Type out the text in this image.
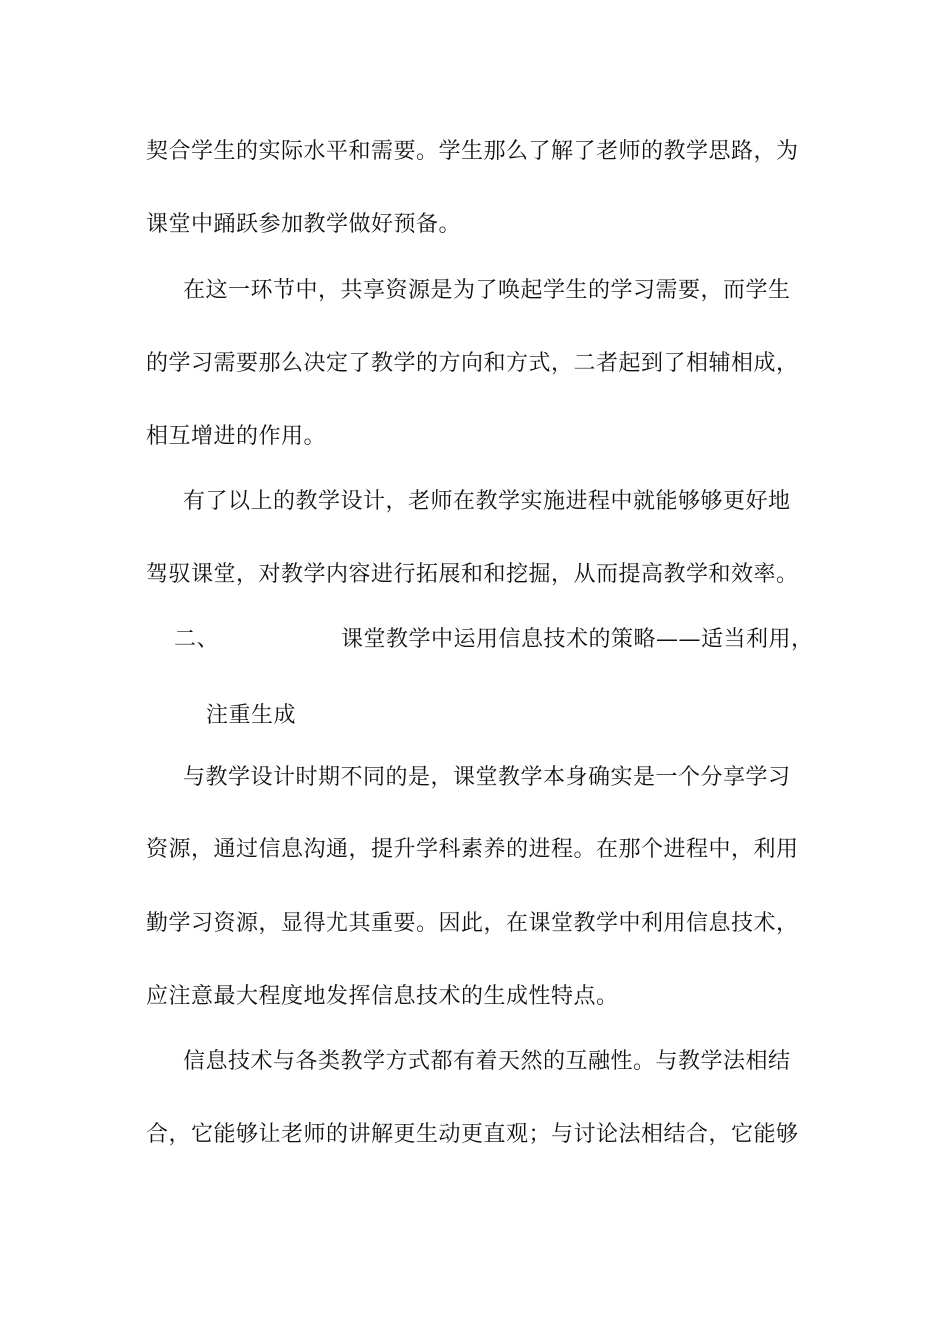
契合学生的实际水平和需要。学生那么了解了老师的教学思路，为
课堂中踊跃参加教学做好预备。
在这一环节中，共享资源是为了唤起学生的学习需要，而学生
的学习需要那么决定了教学的方向和方式，二者起到了相辅相成，
相互增进的作用。
有了以上的教学设计，老师在教学实施进程中就能够够更好地
驾驭课堂，对教学内容进行拓展和和挖掘，从而提高教学和效率。
二、	课堂教学中运用信息技术的策略——适当利用，
注重生成
与教学设计时期不同的是，课堂教学本身确实是一个分享学习
资源，通过信息沟通，提升学科素养的进程。在那个进程中，利用
勤学习资源，显得尤其重要。因此，在课堂教学中利用信息技术，
应注意最大程度地发挥信息技术的生成性特点。
信息技术与各类教学方式都有着天然的互融性。与教学法相结
合，它能够让老师的讲解更生动更直观；与讨论法相结合，它能够
